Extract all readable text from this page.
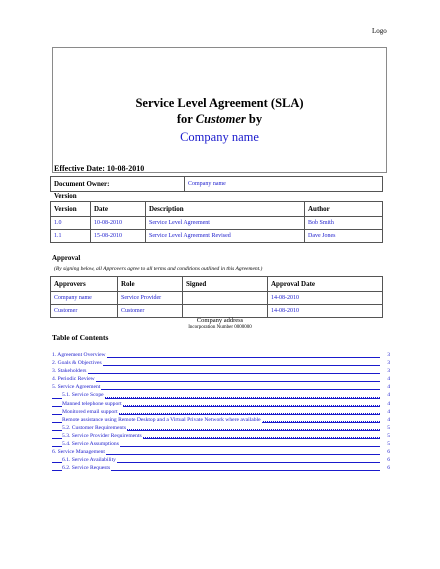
Logo
Service Level Agreement (SLA)
for Customer by
Company name
Effective Date: 10-08-2010
Document Owner:	Company name
Version
Version	Date	Description	Author
1.0	10-08-2010	Service Level Agreement	Bob Smith
1.1	15-08-2010	Service Level Agreement Revised	Dave Jones
Approval
(By signing below, all Approvers agree to all terms and conditions outlined in this Agreement.)
Approvers	Role	Signed	Approval Date
Company name	Service Provider		14-08-2010
Customer	Customer		14-08-2010
Company address
Incorporation Number 0000000
Table of Contents
1. Agreement Overview	3
2. Goals & Objectives	3
3. Stakeholders	3
4. Periodic Review	4
5. Service Agreement	4
5.1. Service Scope	4
Manned telephone support	4
Monitored email support	4
Remote assistance using Remote Desktop and a Virtual Private Network where available	4
5.2. Customer Requirements	5
5.3. Service Provider Requirements	5
5.4. Service Assumptions	5
6. Service Management	6
6.1. Service Availability	6
6.2. Service Requests	6
